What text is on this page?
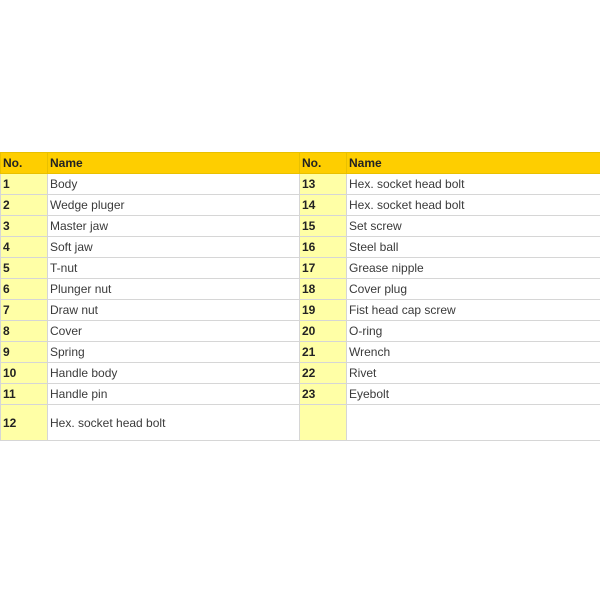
No.	Name	No.	Name
1	Body	13	Hex. socket head bolt
2	Wedge pluger	14	Hex. socket head bolt
3	Master jaw	15	Set screw
4	Soft jaw	16	Steel ball
5	T-nut	17	Grease nipple
6	Plunger nut	18	Cover plug
7	Draw nut	19	Fist head cap screw
8	Cover	20	O-ring
9	Spring	21	Wrench
10	Handle body	22	Rivet
11	Handle pin	23	Eyebolt
12	Hex. socket head bolt		
